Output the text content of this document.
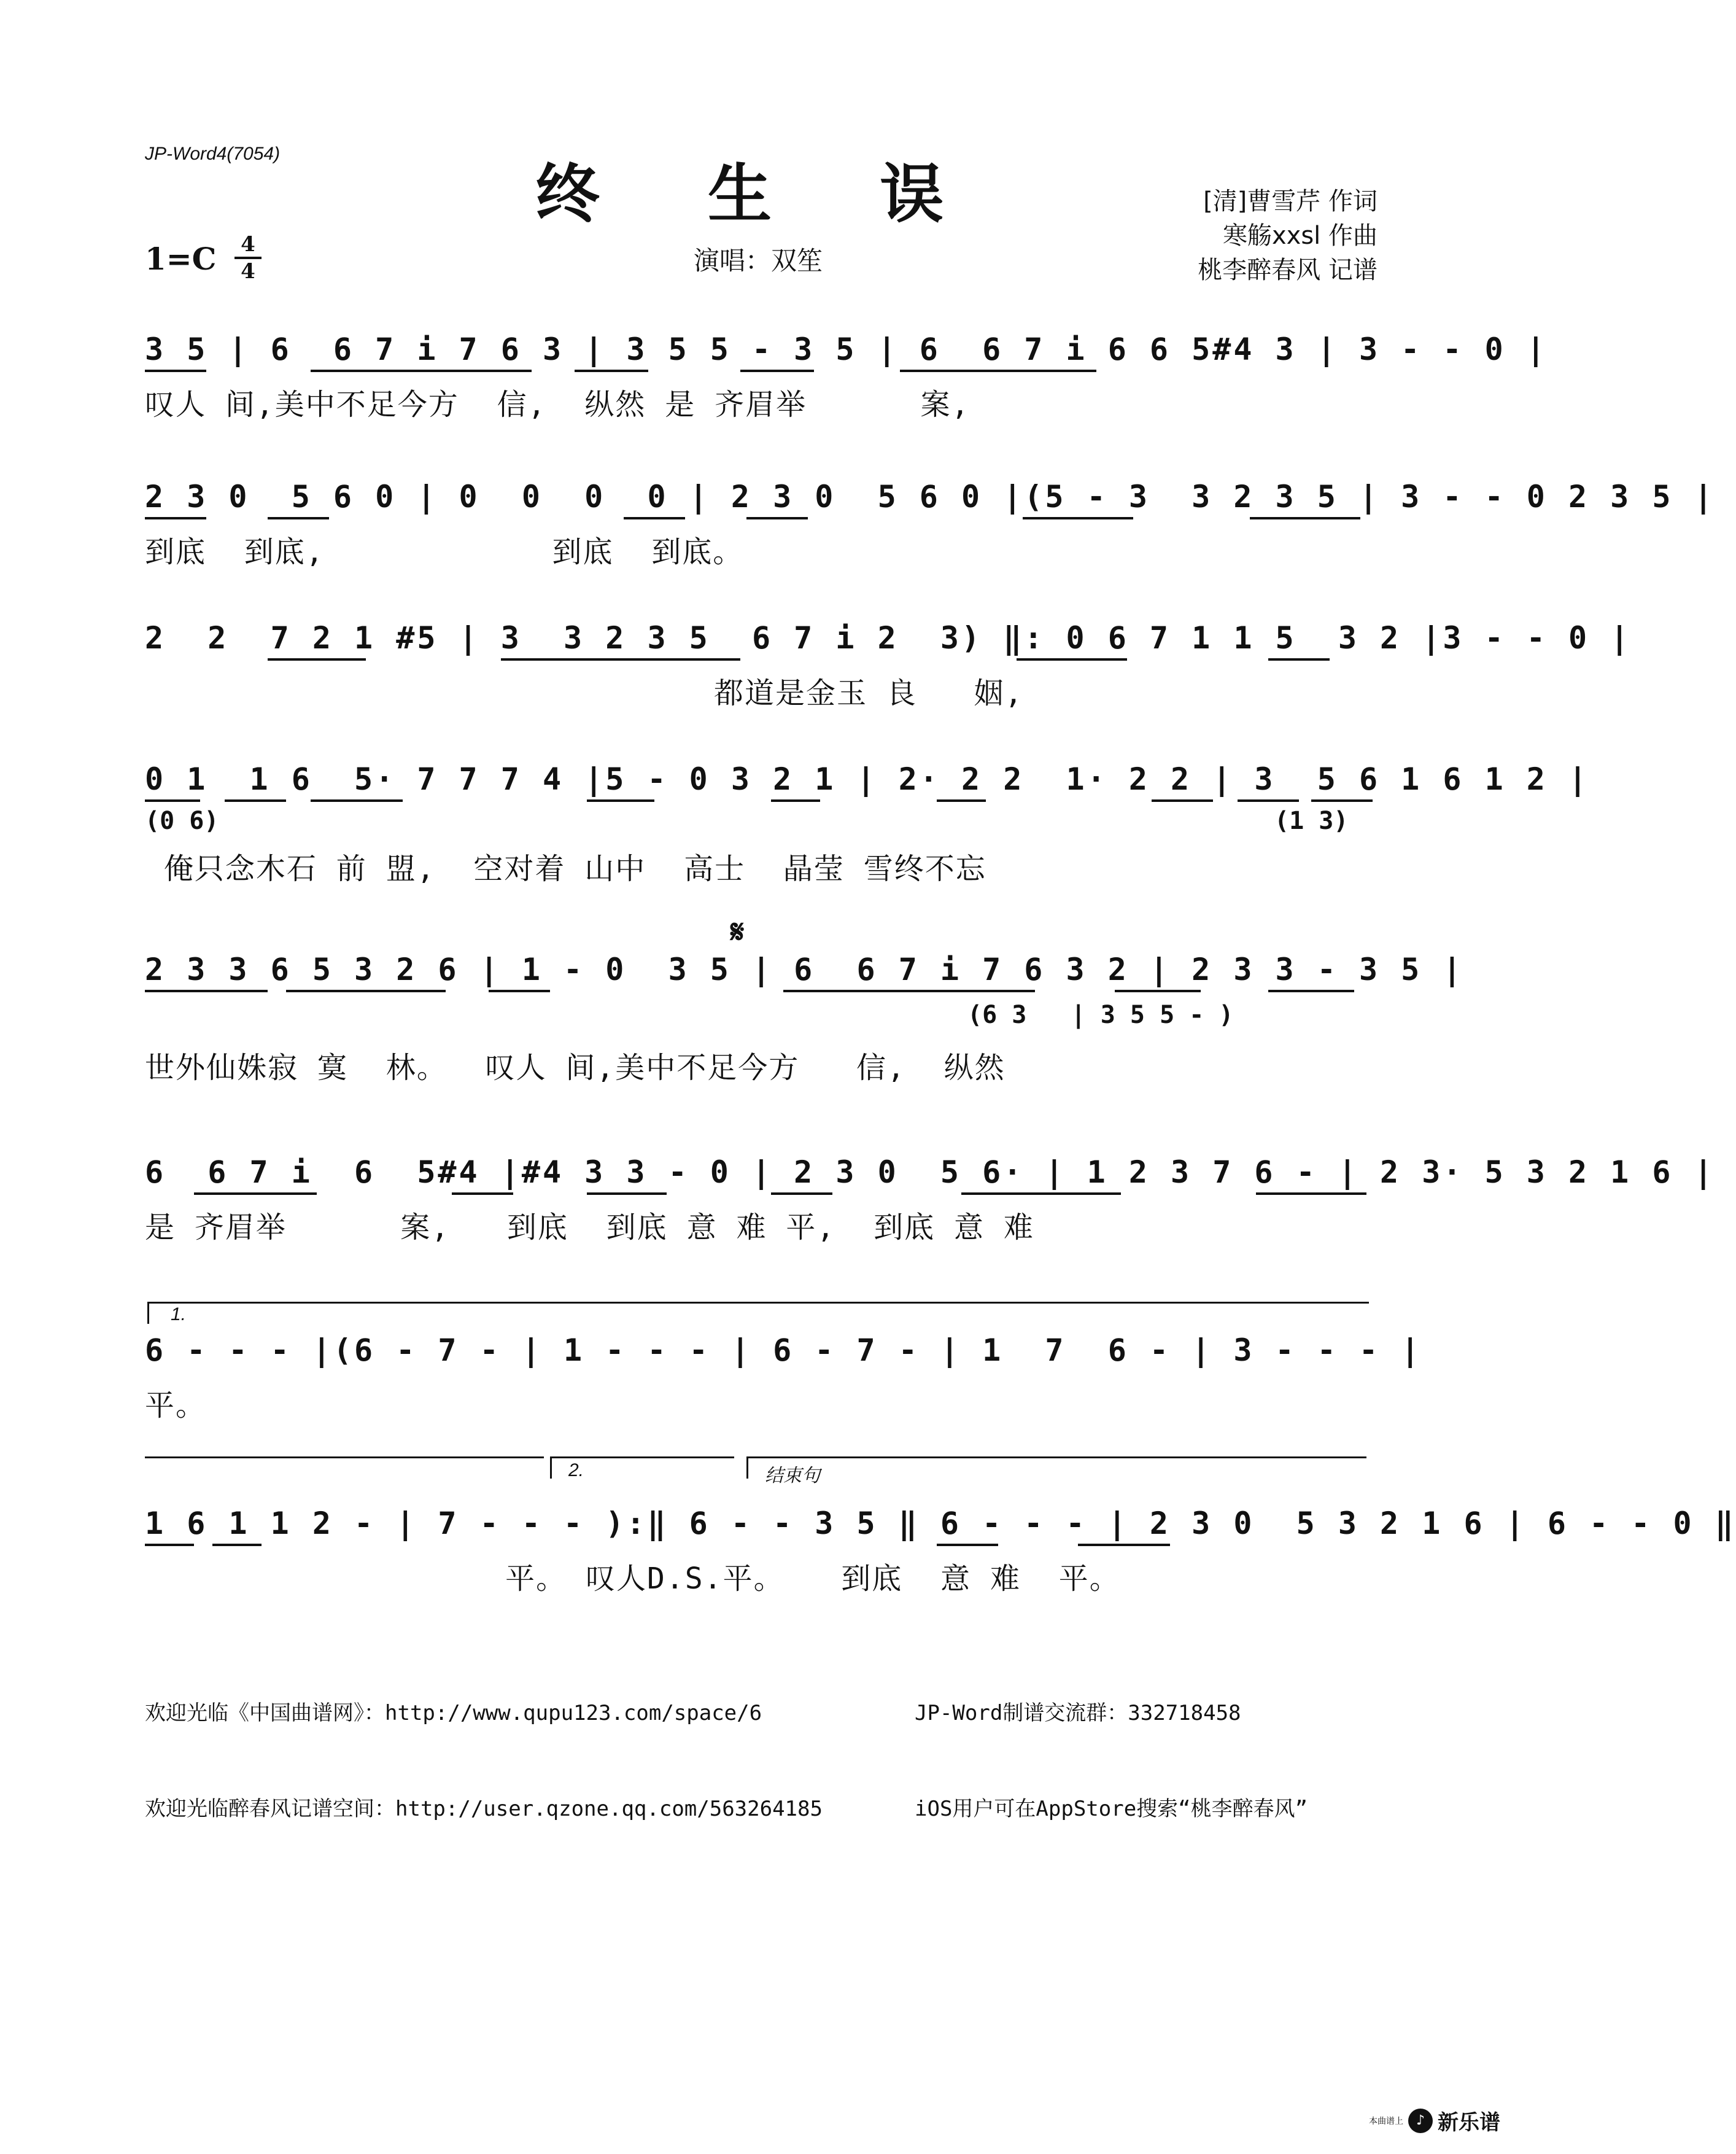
JP-Word4(7054)
终 生 误
1=C 4
4	演唱：双笙
[清]曹雪芹 作词
寒觞xxsl 作曲
桃李醉春风 记谱
3 5 | 6  6 7 i 7 6 3 | 3 5 5 - 3 5 | 6  6 7 i 6 6 5#4 3 | 3 - - 0 |
叹人 间,美中不足今方  信,  纵然 是 齐眉举      案,
2 3 0  5 6 0 | 0  0  0  0 | 2 3 0  5 6 0 |(5 - 3  3 2 3 5 | 3 - - 0 2 3 5 |
到底  到底,            到底  到底。
2  2  7 2 1 #5 | 3  3 2 3 5  6 7 i 2  3) ‖: 0 6 7 1 1 5  3 2 |3 - - 0 |
都道是金玉 良   姻,
0 1  1 6  5· 7 7 7 4 |5 - 0 3 2 1 | 2· 2 2  1· 2 2 | 3  5 6 1 6 1 2 |
(0 6)	(1 3)
俺只念木石 前 盟,  空对着 山中  高士  晶莹 雪终不忘
𝄋
2 3 3 6 5 3 2 6 | 1 - 0  3 5 | 6  6 7 i 7 6 3 2 | 2 3 3 - 3 5 |
(6 3   | 3 5 5 - )
世外仙姝寂 寞  林。  叹人 间,美中不足今方   信,  纵然
6  6 7 i  6  5#4 |#4 3 3 - 0 | 2 3 0  5 6· | 1 2 3 7 6 - | 2 3· 5 3 2 1 6 |
是 齐眉举      案,   到底  到底 意 难 平,  到底 意 难
1.
6 - - - |(6 - 7 - | 1 - - - | 6 - 7 - | 1  7  6 - | 3 - - - |
平。
2.	结束句
1 6 1 1 2 - | 7 - - - ):‖ 6 - - 3 5 ‖ 6 - - - | 2 3 0  5 3 2 1 6 | 6 - - 0 ‖
平。 叹人D.S.平。   到底  意 难  平。

欢迎光临《中国曲谱网》：http://www.qupu123.com/space/6

欢迎光临醉春风记谱空间：http://user.qzone.qq.com/563264185

JP-Word制谱交流群：332718458

iOS用户可在AppStore搜索“桃李醉春风”

本曲谱上 ♪ 新乐谱
